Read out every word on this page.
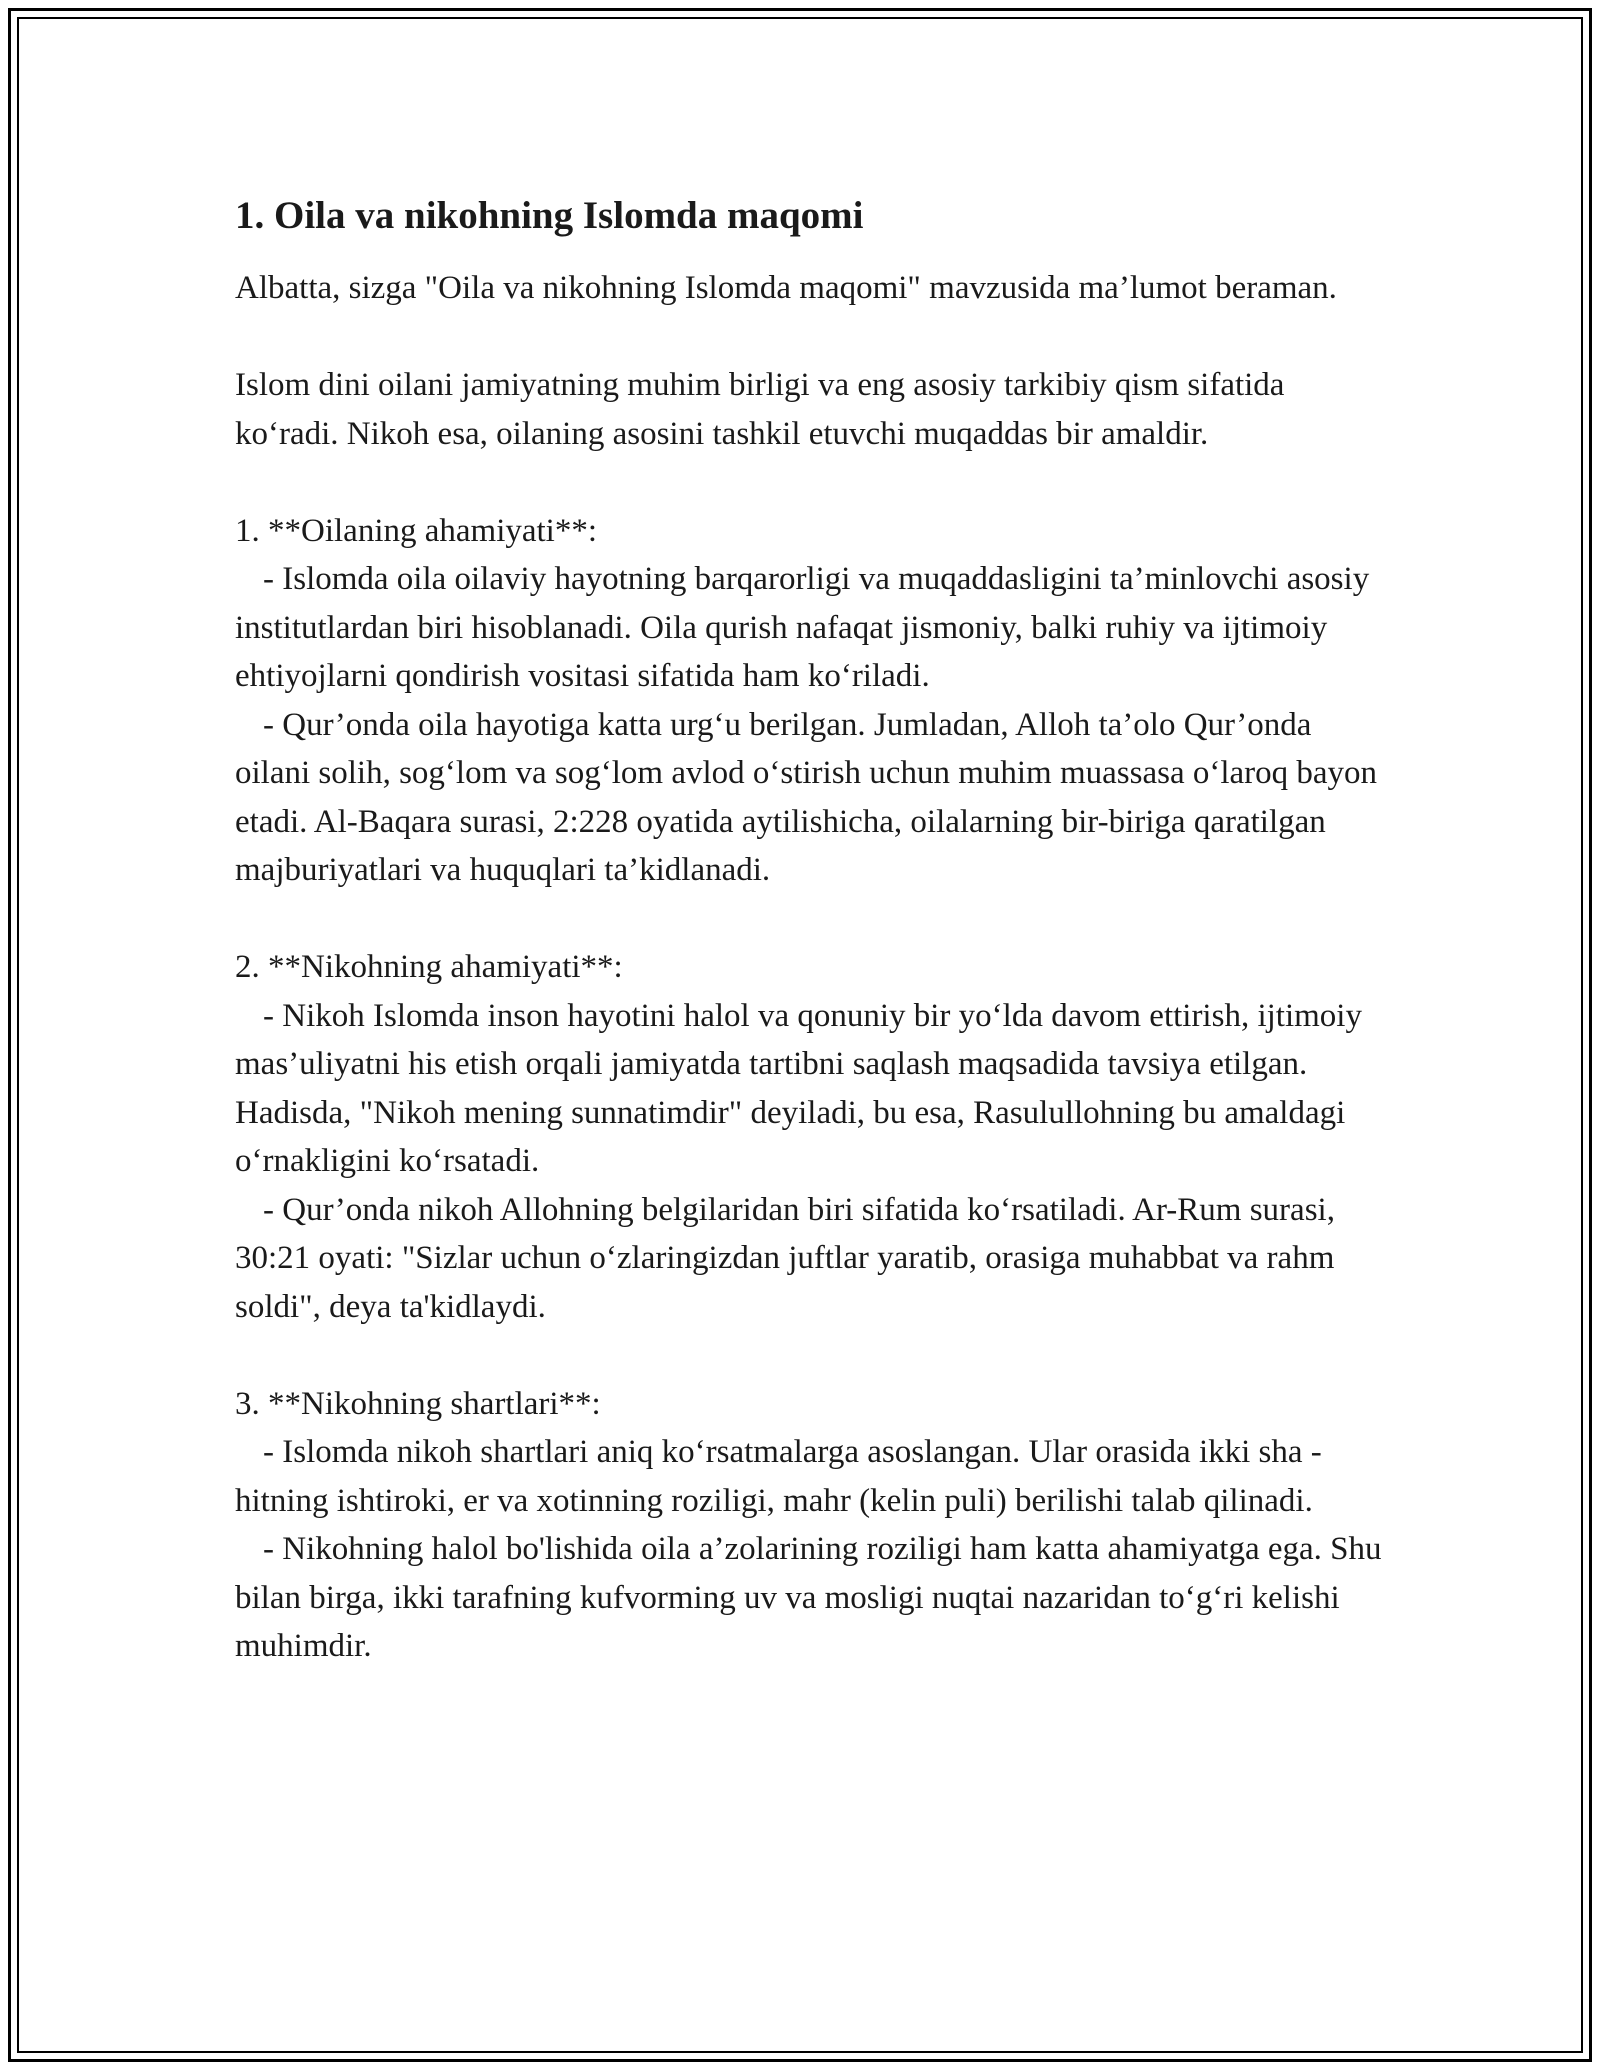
1. Oila va nikohning Islomda maqomi

Albatta, sizga "Oila va nikohning Islomda maqomi" mavzusida ma’lumot beraman.

Islom dini oilani jamiyatning muhim birligi va eng asosiy tarkibiy qism sifatida ko‘radi. Nikoh esa, oilaning asosini tashkil etuvchi muqaddas bir amaldir.

1. **Oilaning ahamiyati**:

- Islomda oila oilaviy hayotning barqarorligi va muqaddasligini ta’minlovchi asosiy institutlardan biri hisoblanadi. Oila qurish nafaqat jismoniy, balki ruhiy va ijtimoiy ehtiyojlarni qondirish vositasi sifatida ham ko‘riladi.

- Qur’onda oila hayotiga katta urg‘u berilgan. Jumladan, Alloh ta’olo Qur’onda oilani solih, sog‘lom va sog‘lom avlod o‘stirish uchun muhim muassasa o‘laroq bayon etadi. Al-Baqara surasi, 2:228 oyatida aytilishicha, oilalarning bir-biriga qaratilgan majburiyatlari va huquqlari ta’kidlanadi.

2. **Nikohning ahamiyati**:

- Nikoh Islomda inson hayotini halol va qonuniy bir yo‘lda davom ettirish, ijtimoiy mas’uliyatni his etish orqali jamiyatda tartibni saqlash maqsadida tavsiya etilgan. Hadisda, "Nikoh mening sunnatimdir" deyiladi, bu esa, Rasulullohning bu amaldagi o‘rnakligini ko‘rsatadi.

- Qur’onda nikoh Allohning belgilaridan biri sifatida ko‘rsatiladi. Ar-Rum surasi, 30:21 oyati: "Sizlar uchun o‘zlaringizdan juftlar yaratib, orasiga muhabbat va rahm soldi", deya ta'kidlaydi.

3. **Nikohning shartlari**:

- Islomda nikoh shartlari aniq ko‘rsatmalarga asoslangan. Ular orasida ikki sha -hitning ishtiroki, er va xotinning roziligi, mahr (kelin puli) berilishi talab qilinadi.

- Nikohning halol bo'lishida oila a’zolarining roziligi ham katta ahamiyatga ega. Shu bilan birga, ikki tarafning kufvorming uv va mosligi nuqtai nazaridan to‘g‘ri kelishi muhimdir.
